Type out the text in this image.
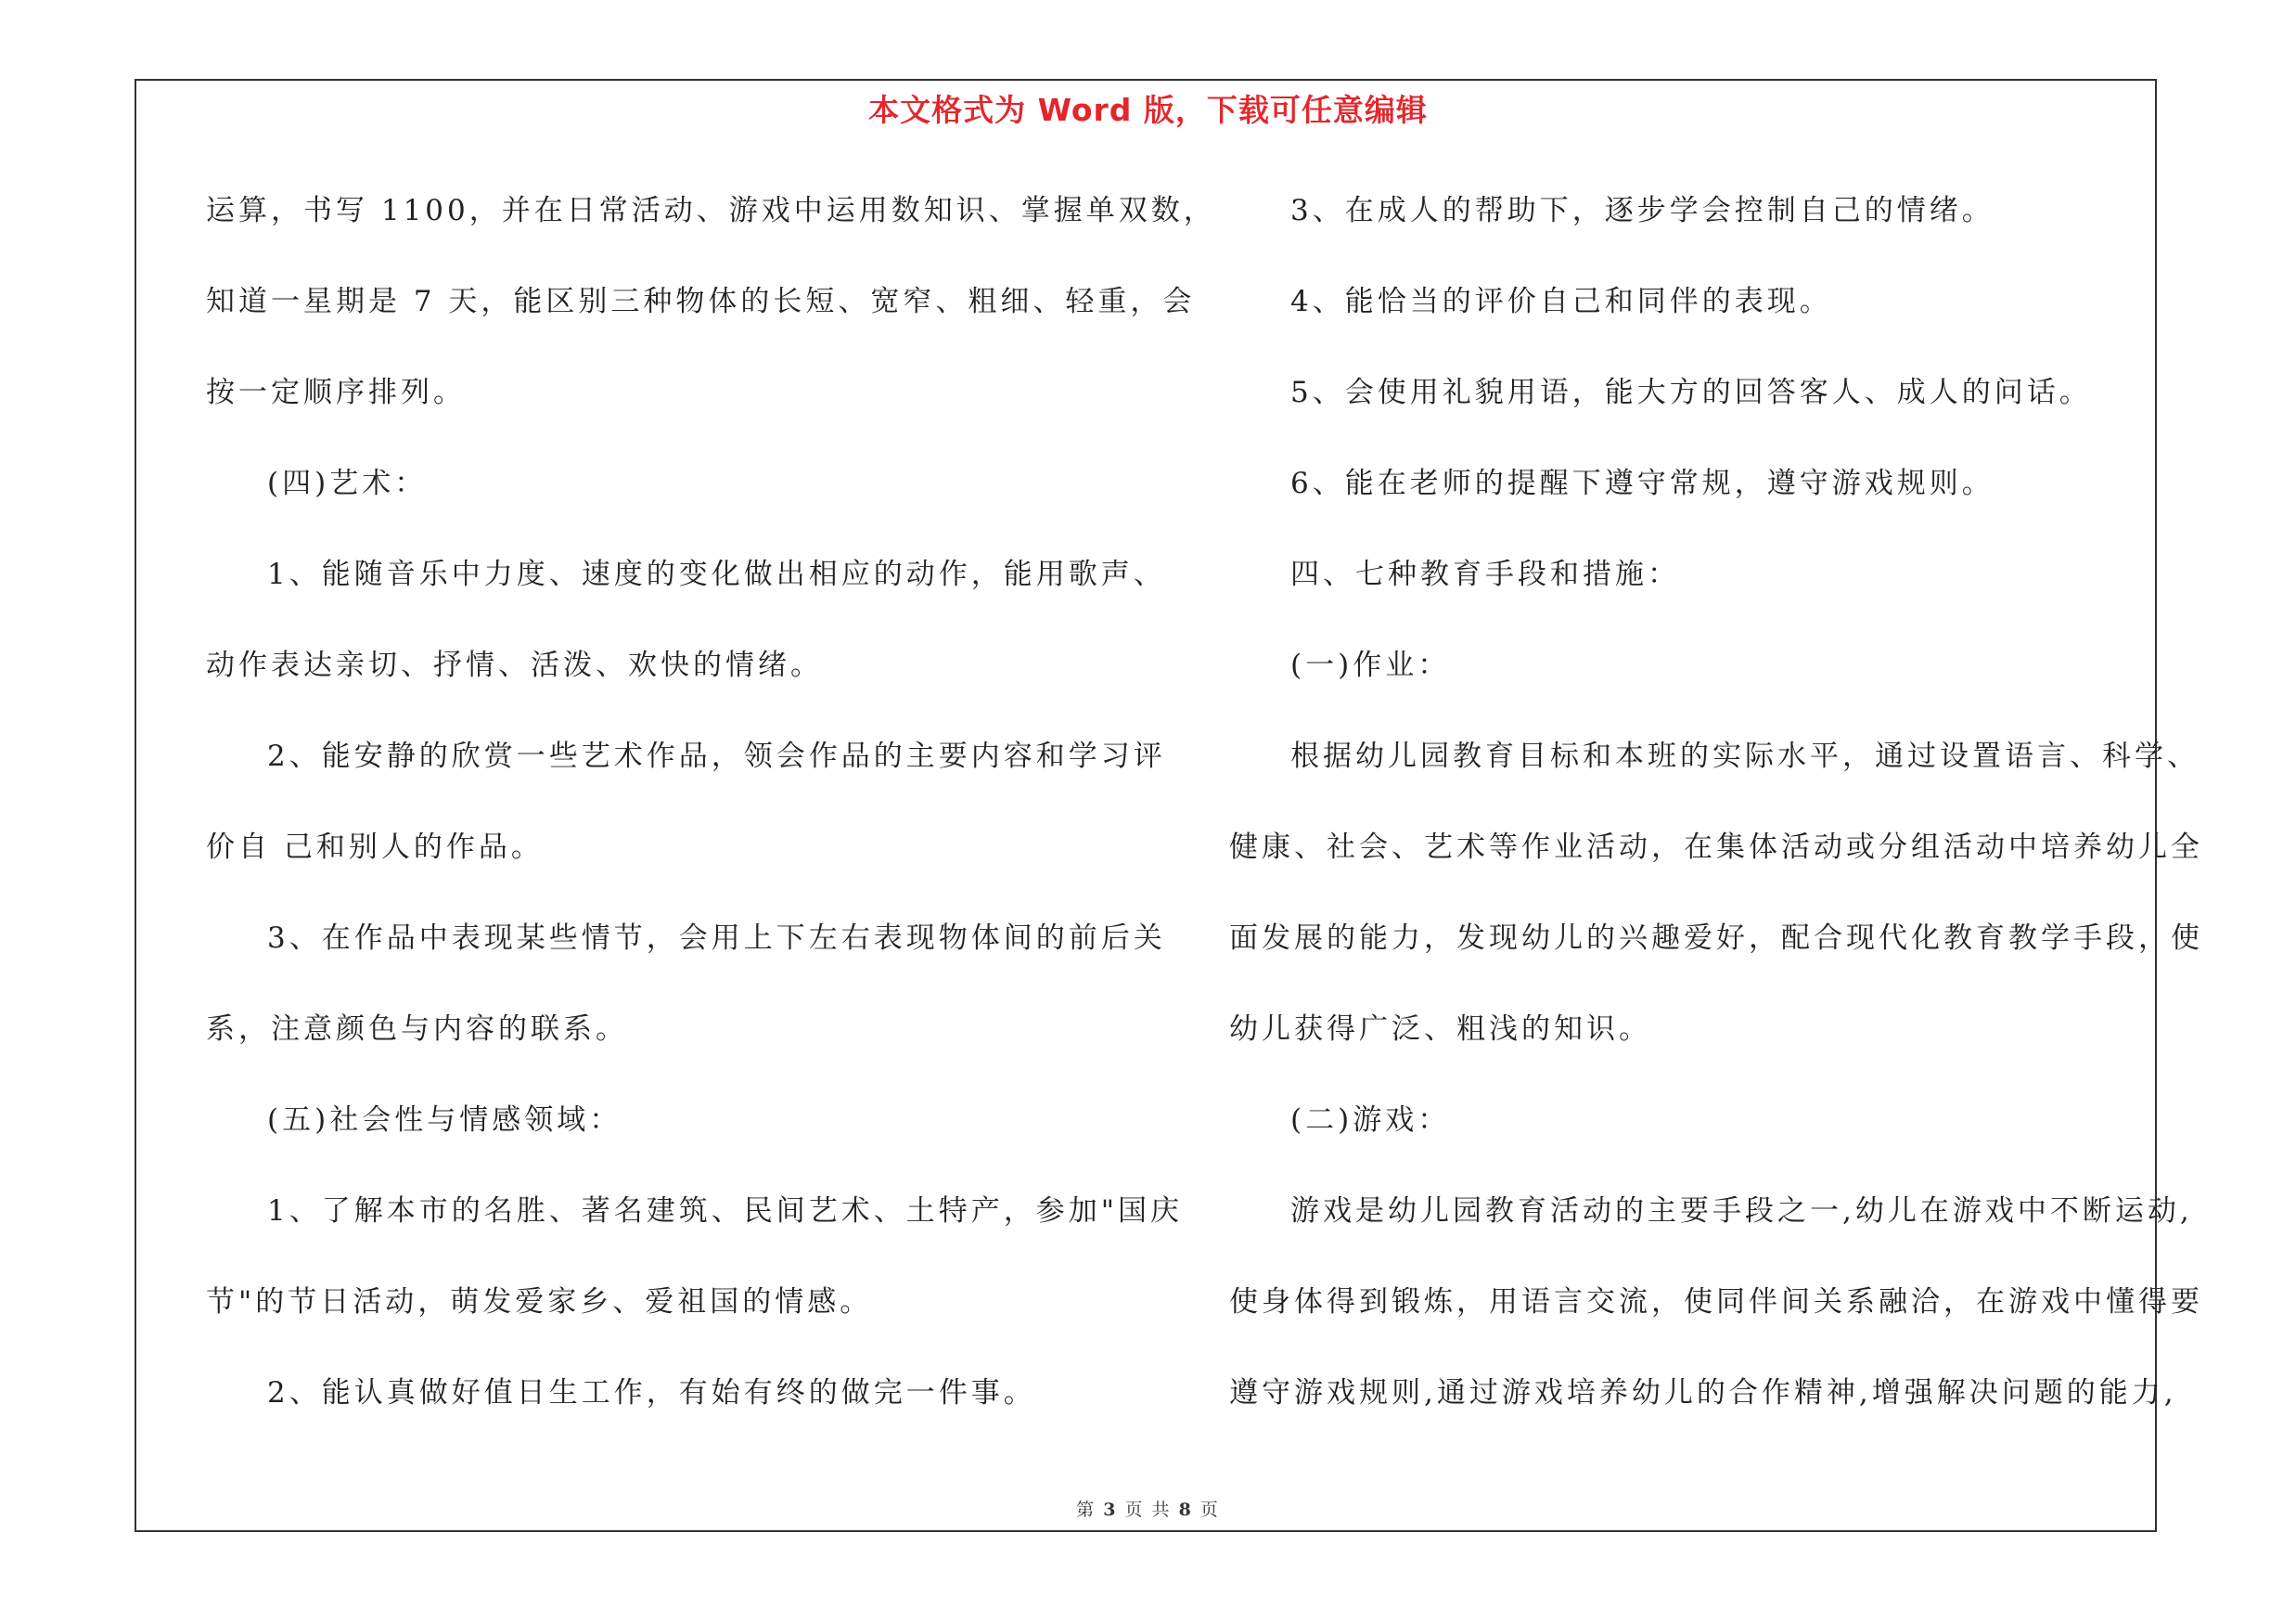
本文格式为 Word 版，下载可任意编辑
运算，书写 1100，并在日常活动、游戏中运用数知识、掌握单双数，
知道一星期是 7 天，能区别三种物体的长短、宽窄、粗细、轻重，会
按一定顺序排列。
(四)艺术：
1、能随音乐中力度、速度的变化做出相应的动作，能用歌声、
动作表达亲切、抒情、活泼、欢快的情绪。
2、能安静的欣赏一些艺术作品，领会作品的主要内容和学习评
价自 己和别人的作品。
3、在作品中表现某些情节，会用上下左右表现物体间的前后关
系，注意颜色与内容的联系。
(五)社会性与情感领域：
1、了解本市的名胜、著名建筑、民间艺术、土特产，参加"国庆
节"的节日活动，萌发爱家乡、爱祖国的情感。
2、能认真做好值日生工作，有始有终的做完一件事。
3、在成人的帮助下，逐步学会控制自己的情绪。
4、能恰当的评价自己和同伴的表现。
5、会使用礼貌用语，能大方的回答客人、成人的问话。
6、能在老师的提醒下遵守常规，遵守游戏规则。
四、七种教育手段和措施：
(一)作业：
根据幼儿园教育目标和本班的实际水平，通过设置语言、科学、
健康、社会、艺术等作业活动，在集体活动或分组活动中培养幼儿全
面发展的能力，发现幼儿的兴趣爱好，配合现代化教育教学手段，使
幼儿获得广泛、粗浅的知识。
(二)游戏：
游戏是幼儿园教育活动的主要手段之一,幼儿在游戏中不断运动,
使身体得到锻炼，用语言交流，使同伴间关系融洽，在游戏中懂得要
遵守游戏规则,通过游戏培养幼儿的合作精神,增强解决问题的能力,
第 3 页 共 8 页
